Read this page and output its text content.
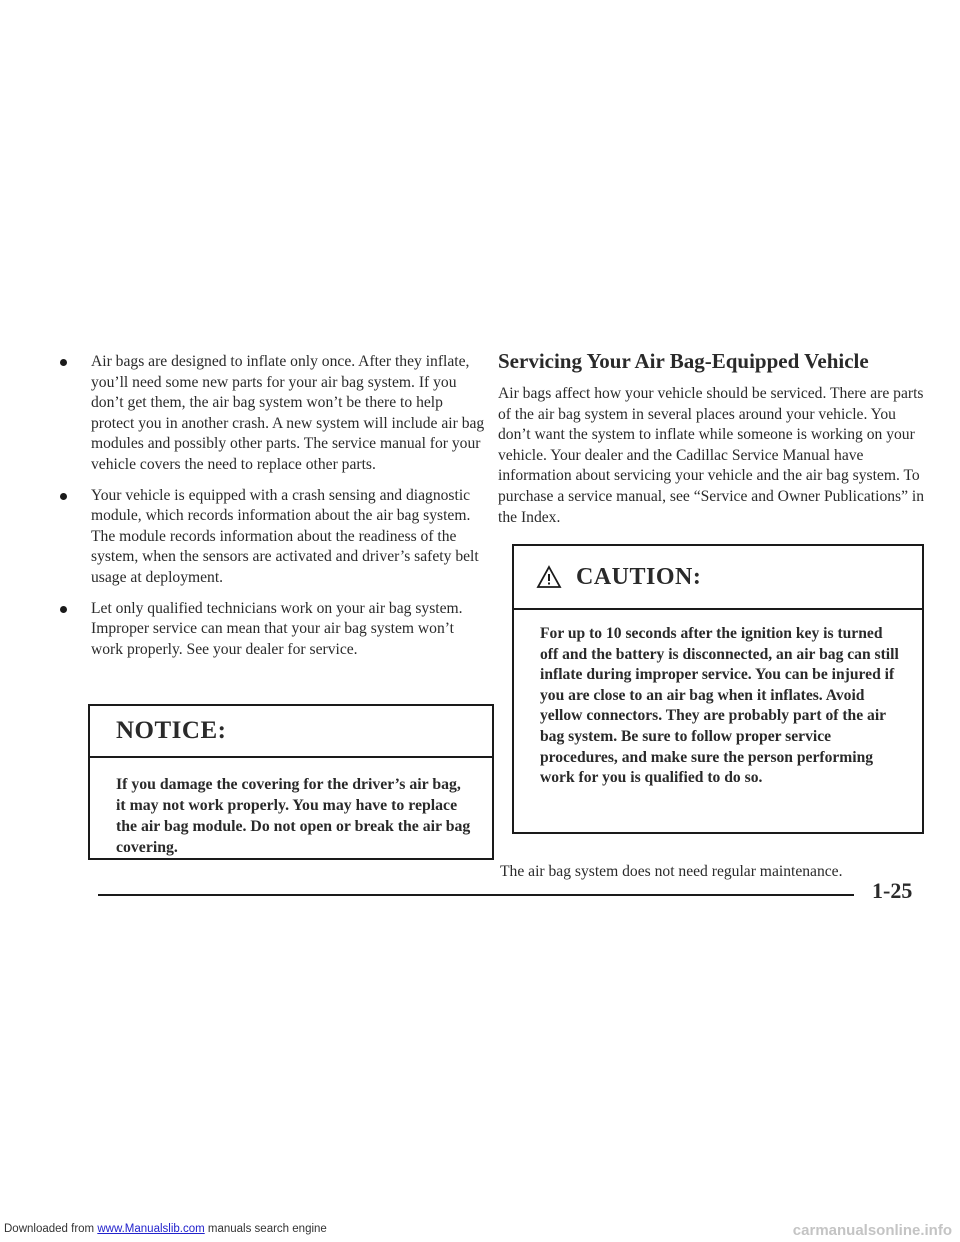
Air bags are designed to inflate only once. After they inflate, you’ll need some new parts for your air bag system. If you don’t get them, the air bag system won’t be there to help protect you in another crash. A new system will include air bag modules and possibly other parts. The service manual for your vehicle covers the need to replace other parts.
Your vehicle is equipped with a crash sensing and diagnostic module, which records information about the air bag system. The module records information about the readiness of the system, when the sensors are activated and driver’s safety belt usage at deployment.
Let only qualified technicians work on your air bag system. Improper service can mean that your air bag system won’t work properly. See your dealer for service.
NOTICE:
If you damage the covering for the driver’s air bag, it may not work properly. You may have to replace the air bag module. Do not open or break the air bag covering.
Servicing Your Air Bag-Equipped Vehicle

Air bags affect how your vehicle should be serviced. There are parts of the air bag system in several places around your vehicle. You don’t want the system to inflate while someone is working on your vehicle. Your dealer and the Cadillac Service Manual have information about servicing your vehicle and the air bag system. To purchase a service manual, see “Service and Owner Publications” in the Index.

CAUTION:
For up to 10 seconds after the ignition key is turned off and the battery is disconnected, an air bag can still inflate during improper service. You can be injured if you are close to an air bag when it inflates. Avoid yellow connectors. They are probably part of the air bag system. Be sure to follow proper service procedures, and make sure the person performing work for you is qualified to do so.
The air bag system does not need regular maintenance.
1-25
Downloaded from www.Manualslib.com manuals search engine	carmanualsonline.info
